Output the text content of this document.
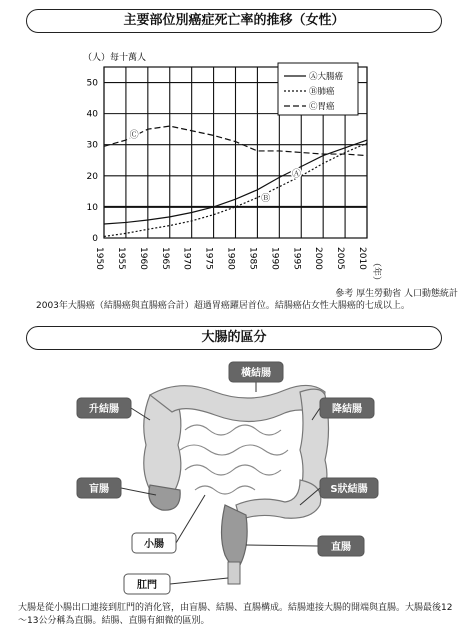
主要部位別癌症死亡率的推移（女性）
（人）每十萬人
0
10
20
30
40
50
1950 1955 1960 1965 1970 1975 1980 1985 1990 1995 2000 2005 2010
Ⓐ
Ⓑ
Ⓒ
Ⓐ大腸癌
Ⓑ肺癌
Ⓒ胃癌
（年）
參考 厚生勞動省 人口動態統計
2003年大腸癌（結腸癌與直腸癌合計）超過胃癌躍居首位。結腸癌佔女性大腸癌的七成以上。
大腸的區分
橫結腸
升結腸	降結腸
盲腸	S狀結腸
小腸	直腸
肛門
大腸是從小腸出口連接到肛門的消化管，由盲腸、結腸、直腸構成。結腸連接大腸的開端與直腸。大腸最後12～13公分稱為直腸。結腸、直腸有細微的區別。
